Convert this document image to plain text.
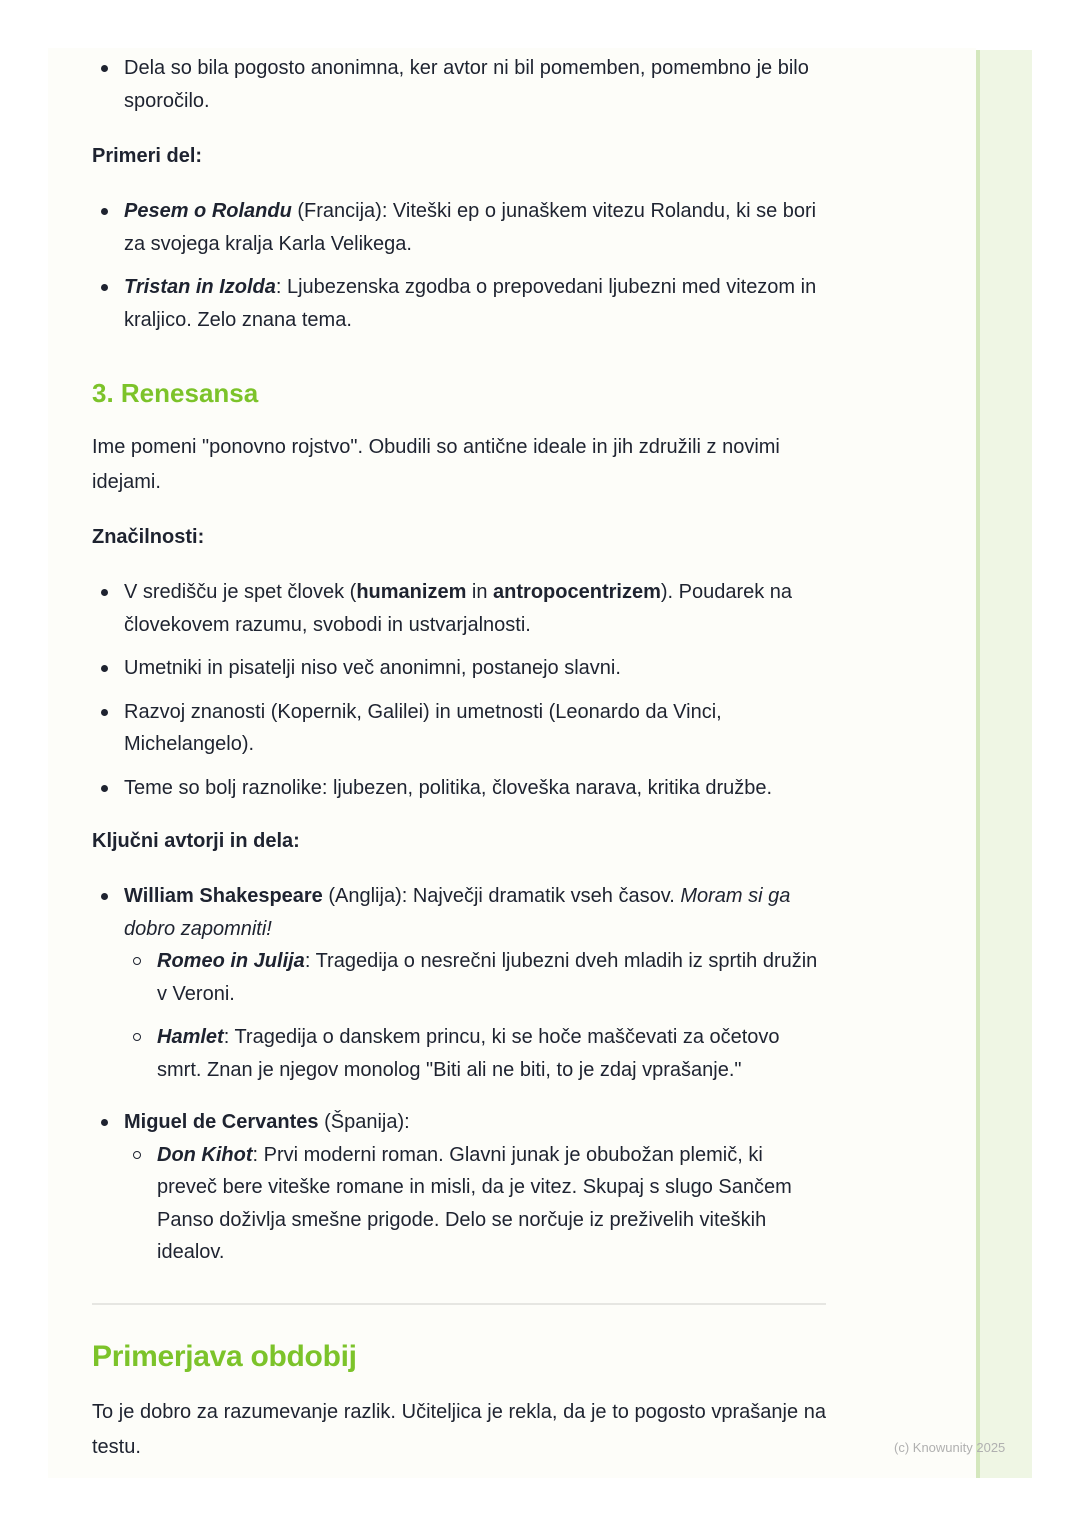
Dela so bila pogosto anonimna, ker avtor ni bil pomemben, pomembno je bilo sporočilo.
Primeri del:
Pesem o Rolandu (Francija): Viteški ep o junaškem vitezu Rolandu, ki se bori za svojega kralja Karla Velikega.
Tristan in Izolda: Ljubezenska zgodba o prepovedani ljubezni med vitezom in kraljico. Zelo znana tema.
3. Renesansa

Ime pomeni "ponovno rojstvo". Obudili so antične ideale in jih združili z novimi idejami.

Značilnosti:
V središču je spet človek (humanizem in antropocentrizem). Poudarek na človekovem razumu, svobodi in ustvarjalnosti.
Umetniki in pisatelji niso več anonimni, postanejo slavni.
Razvoj znanosti (Kopernik, Galilei) in umetnosti (Leonardo da Vinci, Michelangelo).
Teme so bolj raznolike: ljubezen, politika, človeška narava, kritika družbe.
Ključni avtorji in dela:
William Shakespeare (Anglija): Največji dramatik vseh časov. Moram si ga dobro zapomniti!
Romeo in Julija: Tragedija o nesrečni ljubezni dveh mladih iz sprtih družin v Veroni.
Hamlet: Tragedija o danskem princu, ki se hoče maščevati za očetovo smrt. Znan je njegov monolog "Biti ali ne biti, to je zdaj vprašanje."
Miguel de Cervantes (Španija):
Don Kihot: Prvi moderni roman. Glavni junak je obubožan plemič, ki preveč bere viteške romane in misli, da je vitez. Skupaj s slugo Sančem Panso doživlja smešne prigode. Delo se norčuje iz preživelih viteških idealov.
Primerjava obdobij

To je dobro za razumevanje razlik. Učiteljica je rekla, da je to pogosto vprašanje na testu.	(c) Knowunity 2025
